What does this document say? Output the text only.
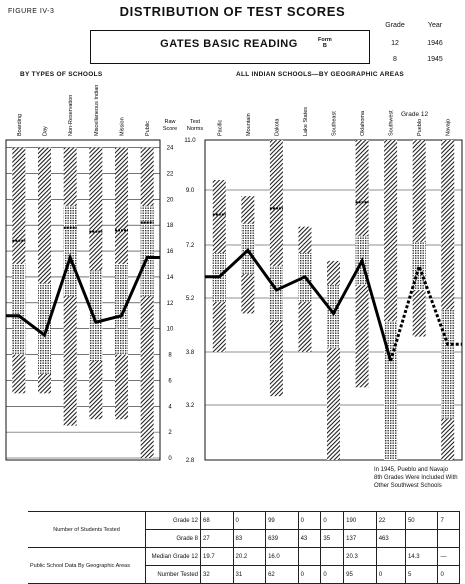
FIGURE IV-3	DISTRIBUTION OF TEST SCORES
GATES BASIC READING	Form
B
Grade	Year
12	1946
8	1945
BY TYPES OF SCHOOLS	ALL INDIAN SCHOOLS—BY GEOGRAPHIC AREAS
24
22
20
18
16
14
12
10
8
6
4
2
0
11.0
9.0
7.2
5.2
3.8
3.2
2.8
Raw Score
Test Norms
Boarding	Day	Non-Reservation	Miscellaneous Indian	Mission	Public	Pacific	Mountain	Dakota	Lake States	Southeast	Oklahoma	Southwest	Pueblo	Navajo
Grade 12
In 1945, Pueblo and Navajo 8th Grades Were Included With Other Southwest Schools
Number of Students Tested	Grade 12	68	0	99	0	0	190	22	50	7
	Grade 8	27	83	639	43	35	137	463		
Public School Data By Geographic Areas	Median Grade 12	19.7	20.2	16.0			20.3		14.3	—
	Number Tested	32	31	62	0	0	95	0	5	0
